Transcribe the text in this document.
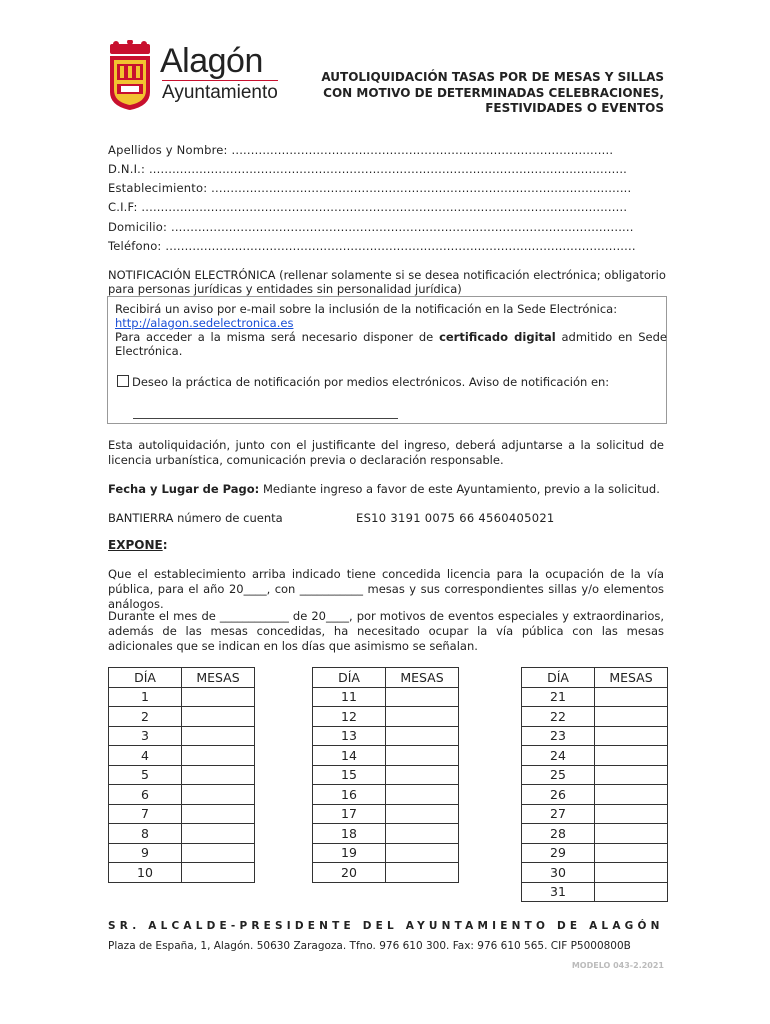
Alagón
Ayuntamiento
AUTOLIQUIDACIÓN TASAS POR DE MESAS Y SILLAS
CON MOTIVO DE DETERMINADAS CELEBRACIONES,
FESTIVIDADES O EVENTOS
Apellidos y Nombre: ...................................................................................................
D.N.I.: ............................................................................................................................
Establecimiento: .............................................................................................................
C.I.F: ..............................................................................................................................
Domicilio: ........................................................................................................................
Teléfono: ..........................................................................................................................
NOTIFICACIÓN ELECTRÓNICA (rellenar solamente si se desea notificación electrónica; obligatorio para personas jurídicas y entidades sin personalidad jurídica)
Recibirá un aviso por e-mail sobre la inclusión de la notificación en la Sede Electrónica:
http://alagon.sedelectronica.es
Para acceder a la misma será necesario disponer de certificado digital admitido en Sede Electrónica.
Deseo la práctica de notificación por medios electrónicos. Aviso de notificación en:
Esta autoliquidación, junto con el justificante del ingreso, deberá adjuntarse a la solicitud de licencia urbanística, comunicación previa o declaración responsable.
Fecha y Lugar de Pago: Mediante ingreso a favor de este Ayuntamiento, previo a la solicitud.
BANTIERRA número de cuenta	ES10 3191 0075 66 4560405021
EXPONE:
Que el establecimiento arriba indicado tiene concedida licencia para la ocupación de la vía pública, para el año 20____, con ___________ mesas y sus correspondientes sillas y/o elementos análogos.
Durante el mes de ____________ de 20____, por motivos de eventos especiales y extraordinarios, además de las mesas concedidas, ha necesitado ocupar la vía pública con las mesas adicionales que se indican en los días que asimismo se señalan.
DÍA	MESAS
1	
2	
3	
4	
5	
6	
7	
8	
9	
10	
DÍA	MESAS
11	
12	
13	
14	
15	
16	
17	
18	
19	
20	
DÍA	MESAS
21	
22	
23	
24	
25	
26	
27	
28	
29	
30	
31	
SR. ALCALDE-PRESIDENTE DEL AYUNTAMIENTO DE ALAGÓN
Plaza de España, 1, Alagón. 50630 Zaragoza. Tfno. 976 610 300. Fax: 976 610 565. CIF P5000800B
MODELO 043-2.2021
